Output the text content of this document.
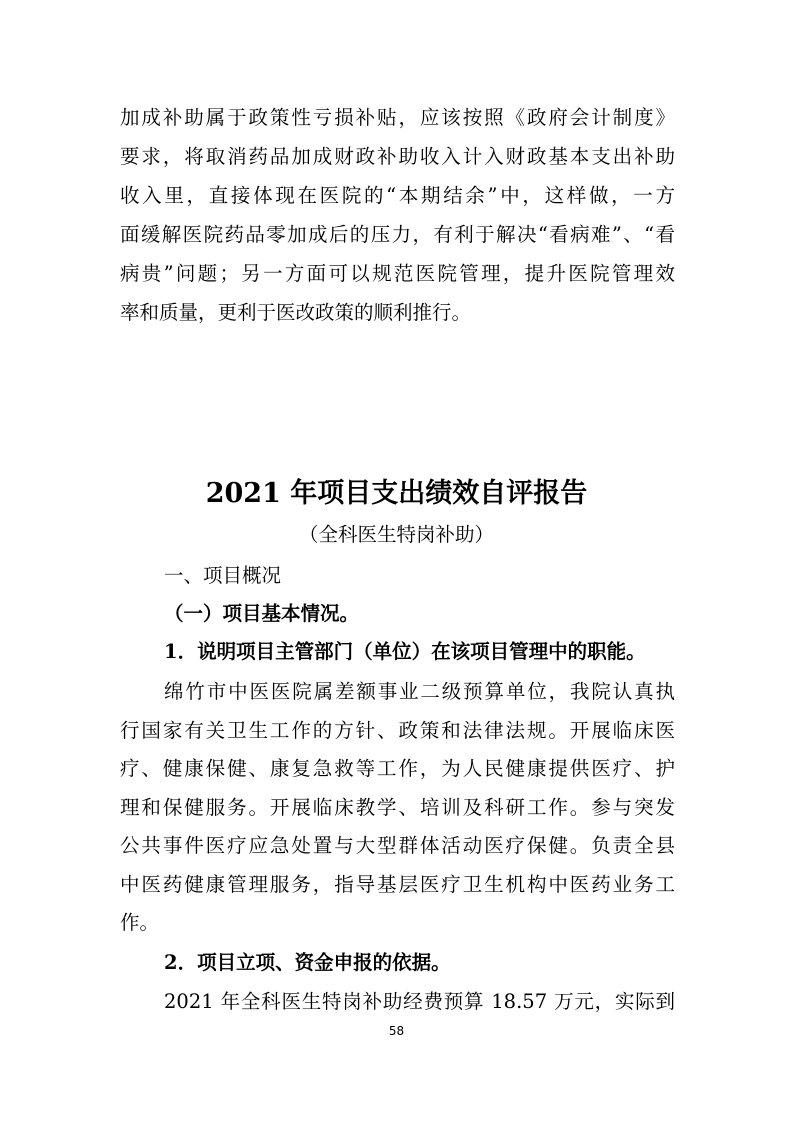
加成补助属于政策性亏损补贴，应该按照《政府会计制度》
要求，将取消药品加成财政补助收入计入财政基本支出补助
收入里，直接体现在医院的“本期结余”中，这样做，一方
面缓解医院药品零加成后的压力，有利于解决“看病难”、“看
病贵”问题；另一方面可以规范医院管理，提升医院管理效
率和质量，更利于医改政策的顺利推行。
2021 年项目支出绩效自评报告
（全科医生特岗补助）
一、项目概况
（一）项目基本情况。
1．说明项目主管部门（单位）在该项目管理中的职能。
绵竹市中医医院属差额事业二级预算单位，我院认真执
行国家有关卫生工作的方针、政策和法律法规。开展临床医
疗、健康保健、康复急救等工作，为人民健康提供医疗、护
理和保健服务。开展临床教学、培训及科研工作。参与突发
公共事件医疗应急处置与大型群体活动医疗保健。负责全县
中医药健康管理服务，指导基层医疗卫生机构中医药业务工
作。
2．项目立项、资金申报的依据。
2021 年全科医生特岗补助经费预算 18.57 万元，实际到
58
